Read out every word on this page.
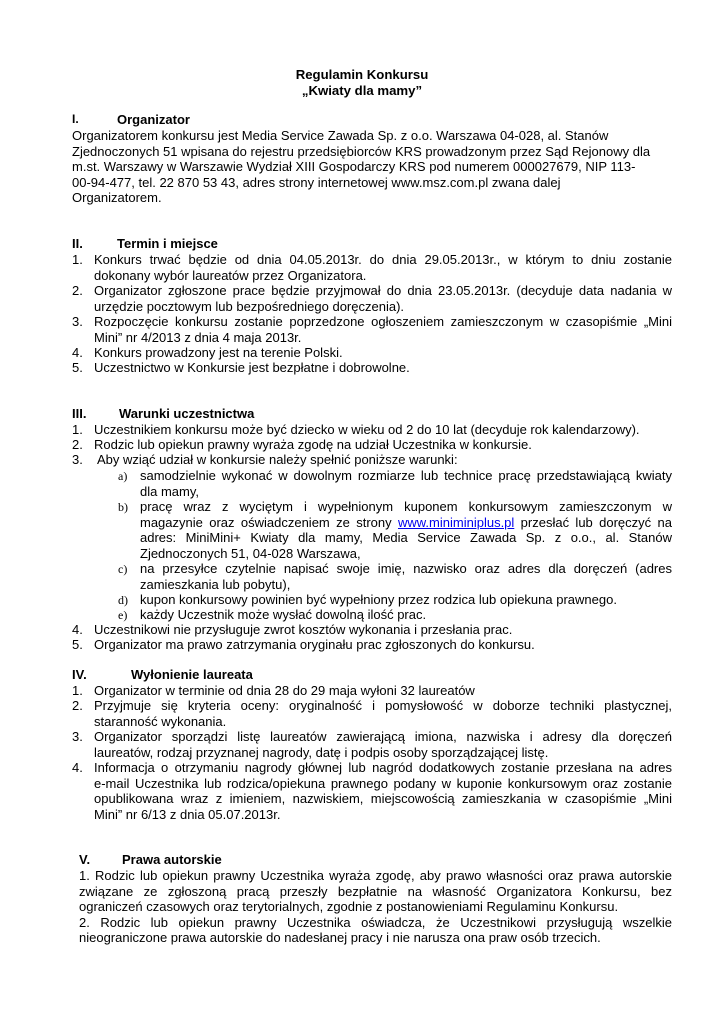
Regulamin Konkursu
„Kwiaty dla mamy”
I.	Organizator
Organizatorem konkursu jest Media Service Zawada Sp. z o.o. Warszawa 04-028, al. Stanów
Zjednoczonych 51 wpisana do rejestru przedsiębiorców KRS prowadzonym przez Sąd Rejonowy dla
m.st. Warszawy w Warszawie Wydział XIII Gospodarczy KRS pod numerem 000027679, NIP 113-
00-94-477, tel. 22 870 53 43, adres strony internetowej www.msz.com.pl zwana dalej
Organizatorem.
II.	Termin i miejsce
1. Konkurs trwać będzie od dnia 04.05.2013r. do dnia 29.05.2013r., w którym to dniu zostanie
dokonany wybór laureatów przez Organizatora.
2. Organizator zgłoszone prace będzie przyjmował do dnia 23.05.2013r. (decyduje data nadania w
urzędzie pocztowym lub bezpośredniego doręczenia).
3. Rozpoczęcie konkursu zostanie poprzedzone ogłoszeniem zamieszczonym w czasopiśmie „Mini
Mini” nr 4/2013 z dnia 4 maja 2013r.
4. Konkurs prowadzony jest na terenie Polski.
5. Uczestnictwo w Konkursie jest bezpłatne i dobrowolne.
III.	Warunki uczestnictwa
1. Uczestnikiem konkursu może być dziecko w wieku od 2 do 10 lat (decyduje rok kalendarzowy).
2. Rodzic lub opiekun prawny wyraża zgodę na udział Uczestnika w konkursie.
3. Aby wziąć udział w konkursie należy spełnić poniższe warunki:
a) samodzielnie wykonać w dowolnym rozmiarze lub technice pracę przedstawiającą kwiaty
dla mamy,
b) pracę wraz z wyciętym i wypełnionym kuponem konkursowym zamieszczonym w
magazynie oraz oświadczeniem ze strony www.miniminiplus.pl przesłać lub doręczyć na
adres: MiniMini+ Kwiaty dla mamy, Media Service Zawada Sp. z o.o., al. Stanów
Zjednoczonych 51, 04-028 Warszawa,
c) na przesyłce czytelnie napisać swoje imię, nazwisko oraz adres dla doręczeń (adres
zamieszkania lub pobytu),
d) kupon konkursowy powinien być wypełniony przez rodzica lub opiekuna prawnego.
e) każdy Uczestnik może wysłać dowolną ilość prac.
4. Uczestnikowi nie przysługuje zwrot kosztów wykonania i przesłania prac.
5. Organizator ma prawo zatrzymania oryginału prac zgłoszonych do konkursu.
IV.	Wyłonienie laureata
1. Organizator w terminie od dnia 28 do 29 maja wyłoni 32 laureatów
2. Przyjmuje się kryteria oceny: oryginalność i pomysłowość w doborze techniki plastycznej,
staranność wykonania.
3. Organizator sporządzi listę laureatów zawierającą imiona, nazwiska i adresy dla doręczeń
laureatów, rodzaj przyznanej nagrody, datę i podpis osoby sporządzającej listę.
4. Informacja o otrzymaniu nagrody głównej lub nagród dodatkowych zostanie przesłana na adres
e-mail Uczestnika lub rodzica/opiekuna prawnego podany w kuponie konkursowym oraz zostanie
opublikowana wraz z imieniem, nazwiskiem, miejscowością zamieszkania w czasopiśmie „Mini
Mini” nr 6/13 z dnia 05.07.2013r.
V. Prawa autorskie
1. Rodzic lub opiekun prawny Uczestnika wyraża zgodę, aby prawo własności oraz prawa autorskie
związane ze zgłoszoną pracą przeszły bezpłatnie na własność Organizatora Konkursu, bez
ograniczeń czasowych oraz terytorialnych, zgodnie z postanowieniami Regulaminu Konkursu.
2. Rodzic lub opiekun prawny Uczestnika oświadcza, że Uczestnikowi przysługują wszelkie
nieograniczone prawa autorskie do nadesłanej pracy i nie narusza ona praw osób trzecich.
